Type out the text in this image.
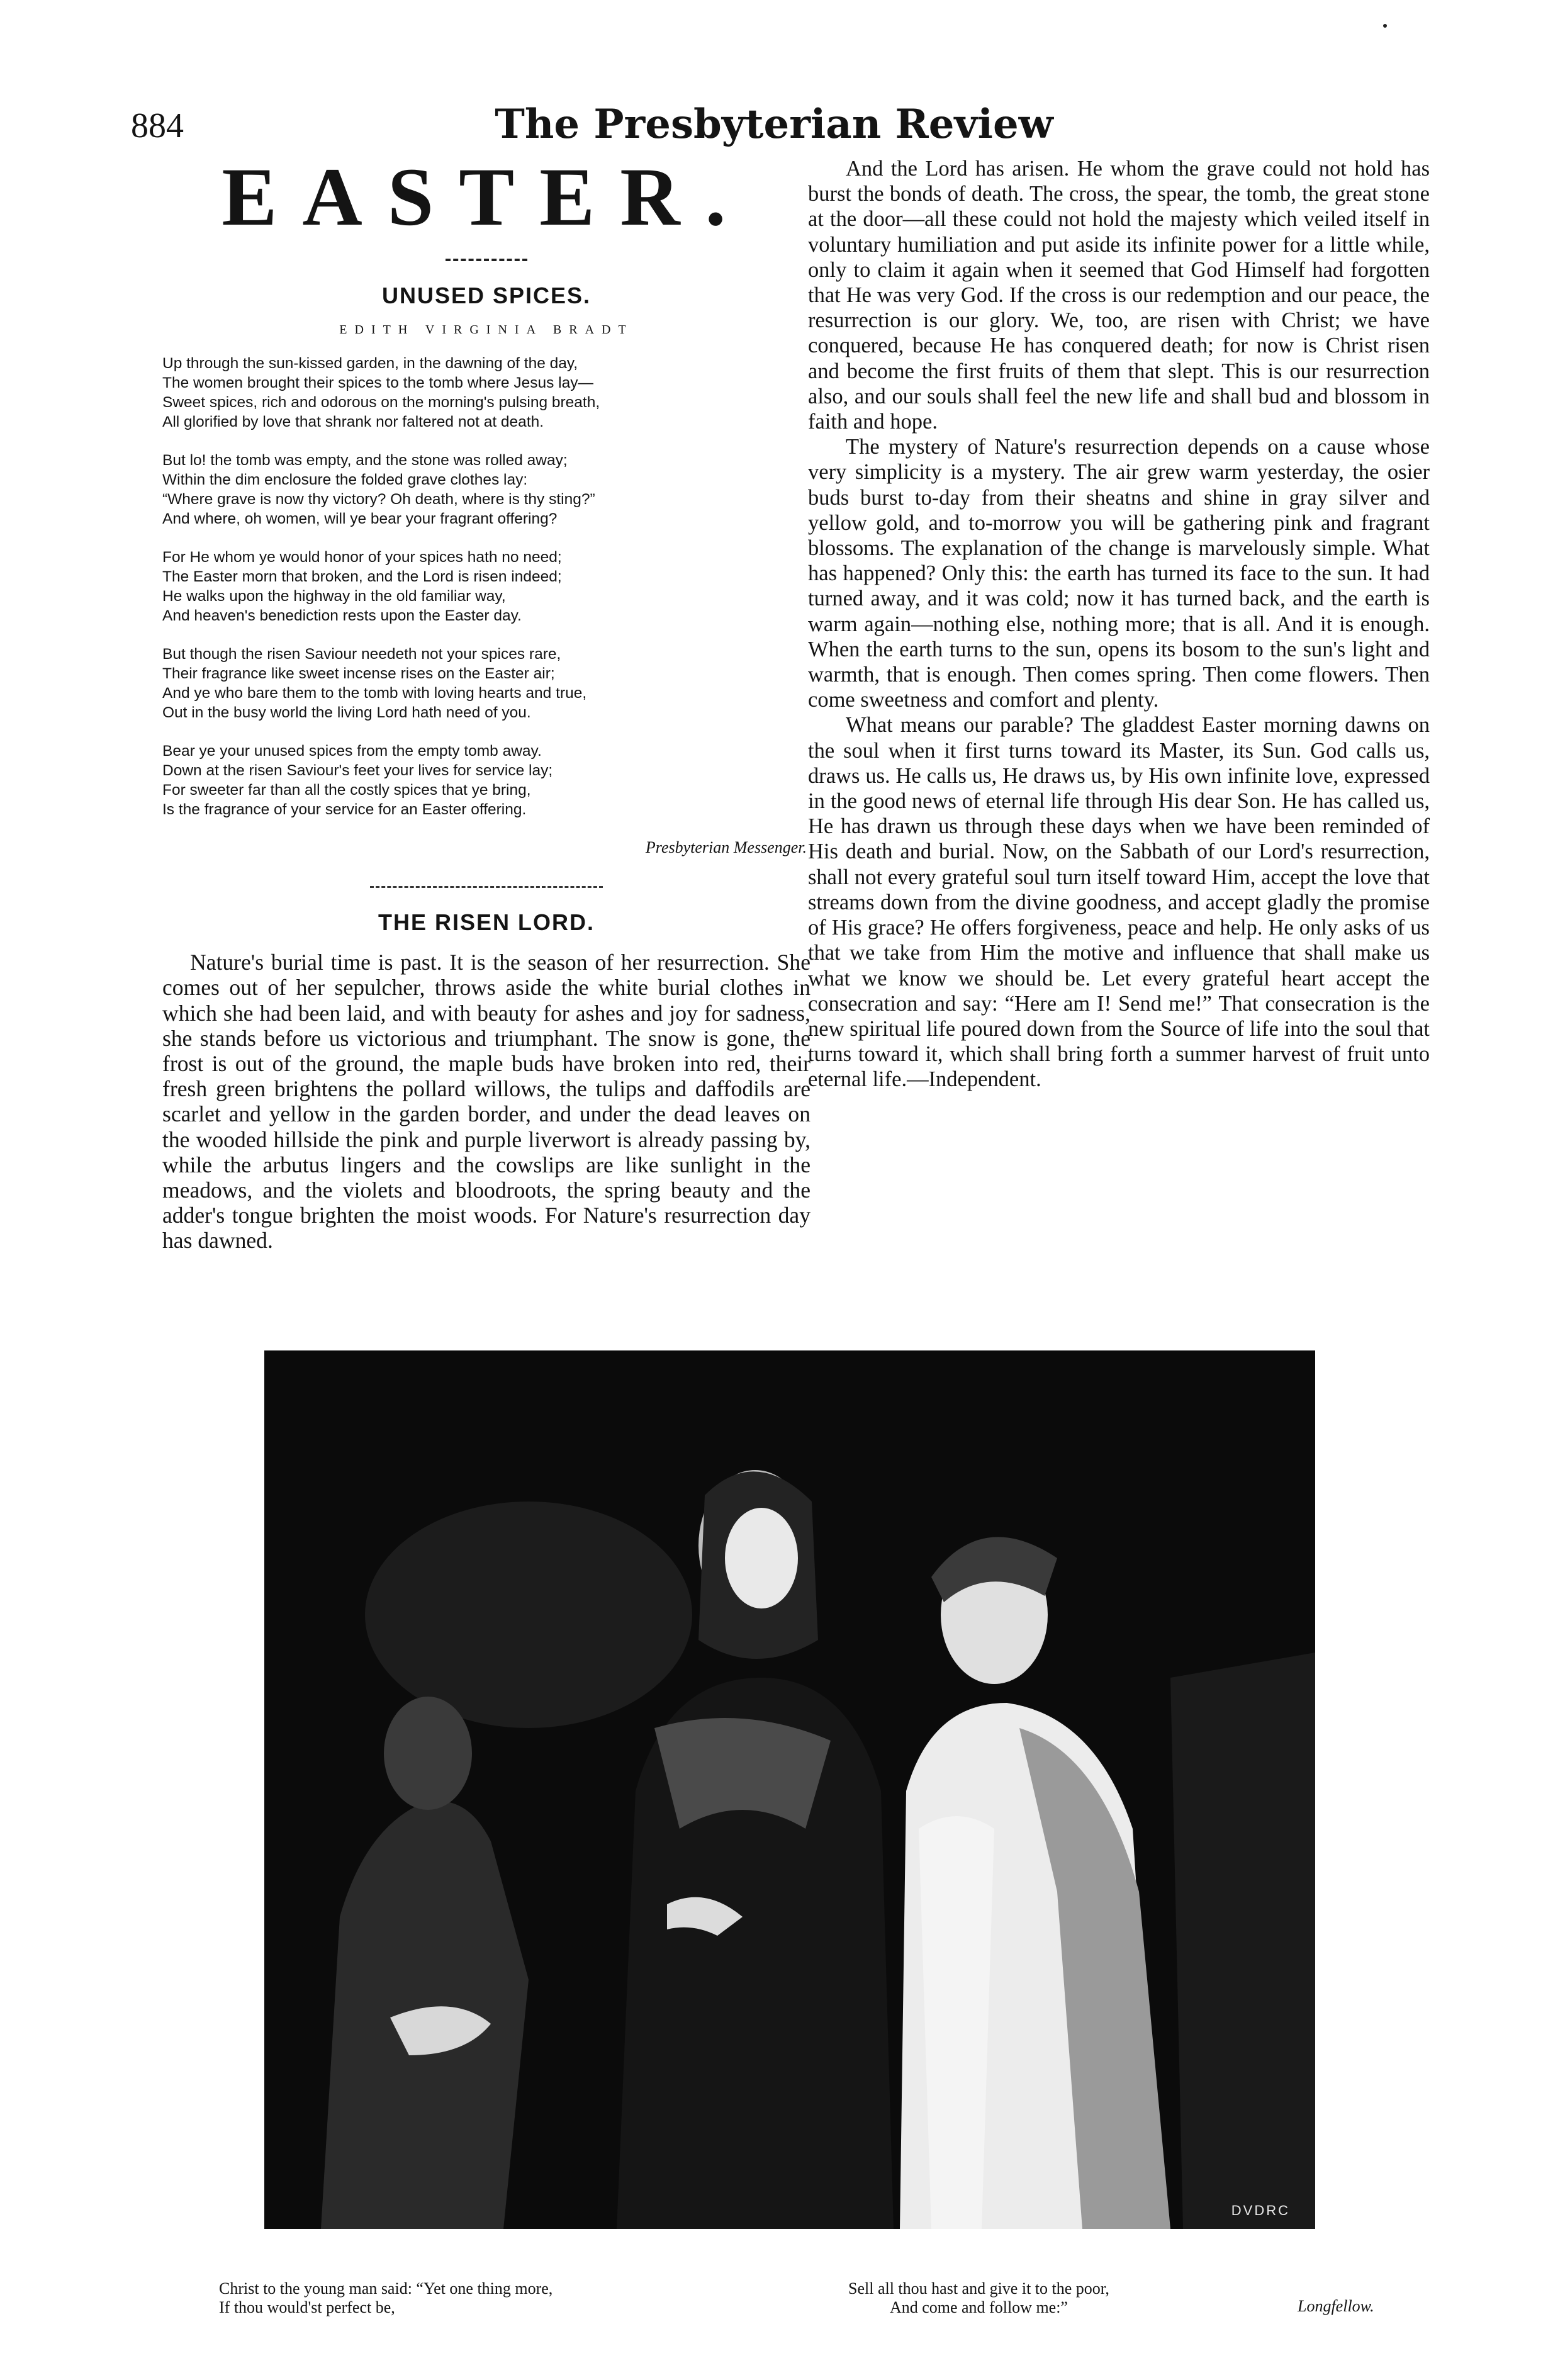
884	The Presbyterian Review
EASTER.
UNUSED SPICES.
EDITH VIRGINIA BRADT
Up through the sun-kissed garden, in the dawning of the day,
The women brought their spices to the tomb where Jesus lay—
Sweet spices, rich and odorous on the morning's pulsing breath,
All glorified by love that shrank nor faltered not at death.
But lo! the tomb was empty, and the stone was rolled away;
Within the dim enclosure the folded grave clothes lay:
“Where grave is now thy victory? Oh death, where is thy sting?”
And where, oh women, will ye bear your fragrant offering?
For He whom ye would honor of your spices hath no need;
The Easter morn that broken, and the Lord is risen indeed;
He walks upon the highway in the old familiar way,
And heaven's benediction rests upon the Easter day.
But though the risen Saviour needeth not your spices rare,
Their fragrance like sweet incense rises on the Easter air;
And ye who bare them to the tomb with loving hearts and true,
Out in the busy world the living Lord hath need of you.
Bear ye your unused spices from the empty tomb away.
Down at the risen Saviour's feet your lives for service lay;
For sweeter far than all the costly spices that ye bring,
Is the fragrance of your service for an Easter offering.
Presbyterian Messenger.
THE RISEN LORD.

Nature's burial time is past. It is the season of her resurrection. She comes out of her sepulcher, throws aside the white burial clothes in which she had been laid, and with beauty for ashes and joy for sadness, she stands before us victorious and triumphant. The snow is gone, the frost is out of the ground, the maple buds have broken into red, their fresh green brightens the pollard willows, the tulips and daffodils are scarlet and yellow in the garden border, and under the dead leaves on the wooded hillside the pink and purple liverwort is already passing by, while the arbutus lingers and the cowslips are like sunlight in the meadows, and the violets and bloodroots, the spring beauty and the adder's tongue brighten the moist woods. For Nature's resurrection day has dawned.

And the Lord has arisen. He whom the grave could not hold has burst the bonds of death. The cross, the spear, the tomb, the great stone at the door—all these could not hold the majesty which veiled itself in voluntary humiliation and put aside its infinite power for a little while, only to claim it again when it seemed that God Himself had forgotten that He was very God. If the cross is our redemption and our peace, the resurrection is our glory. We, too, are risen with Christ; we have conquered, because He has conquered death; for now is Christ risen and become the first fruits of them that slept. This is our resurrection also, and our souls shall feel the new life and shall bud and blossom in faith and hope.

The mystery of Nature's resurrection depends on a cause whose very simplicity is a mystery. The air grew warm yesterday, the osier buds burst to-day from their sheatns and shine in gray silver and yellow gold, and to-morrow you will be gathering pink and fragrant blossoms. The explanation of the change is marvelously simple. What has happened? Only this: the earth has turned its face to the sun. It had turned away, and it was cold; now it has turned back, and the earth is warm again—nothing else, nothing more; that is all. And it is enough. When the earth turns to the sun, opens its bosom to the sun's light and warmth, that is enough. Then comes spring. Then come flowers. Then come sweetness and comfort and plenty.

What means our parable? The gladdest Easter morning dawns on the soul when it first turns toward its Master, its Sun. God calls us, draws us. He calls us, He draws us, by His own infinite love, expressed in the good news of eternal life through His dear Son. He has called us, He has drawn us through these days when we have been reminded of His death and burial. Now, on the Sabbath of our Lord's resurrection, shall not every grateful soul turn itself toward Him, accept the love that streams down from the divine goodness, and accept gladly the promise of His grace? He offers forgiveness, peace and help. He only asks of us that we take from Him the motive and influence that shall make us what we know we should be. Let every grateful heart accept the consecration and say: “Here am I! Send me!” That consecration is the new spiritual life poured down from the Source of life into the soul that turns toward it, which shall bring forth a summer harvest of fruit unto eternal life.—Independent.

DVDRC
Christ to the young man said: “Yet one thing more,
If thou would'st perfect be,
Sell all thou hast and give it to the poor,
And come and follow me:”	Longfellow.
